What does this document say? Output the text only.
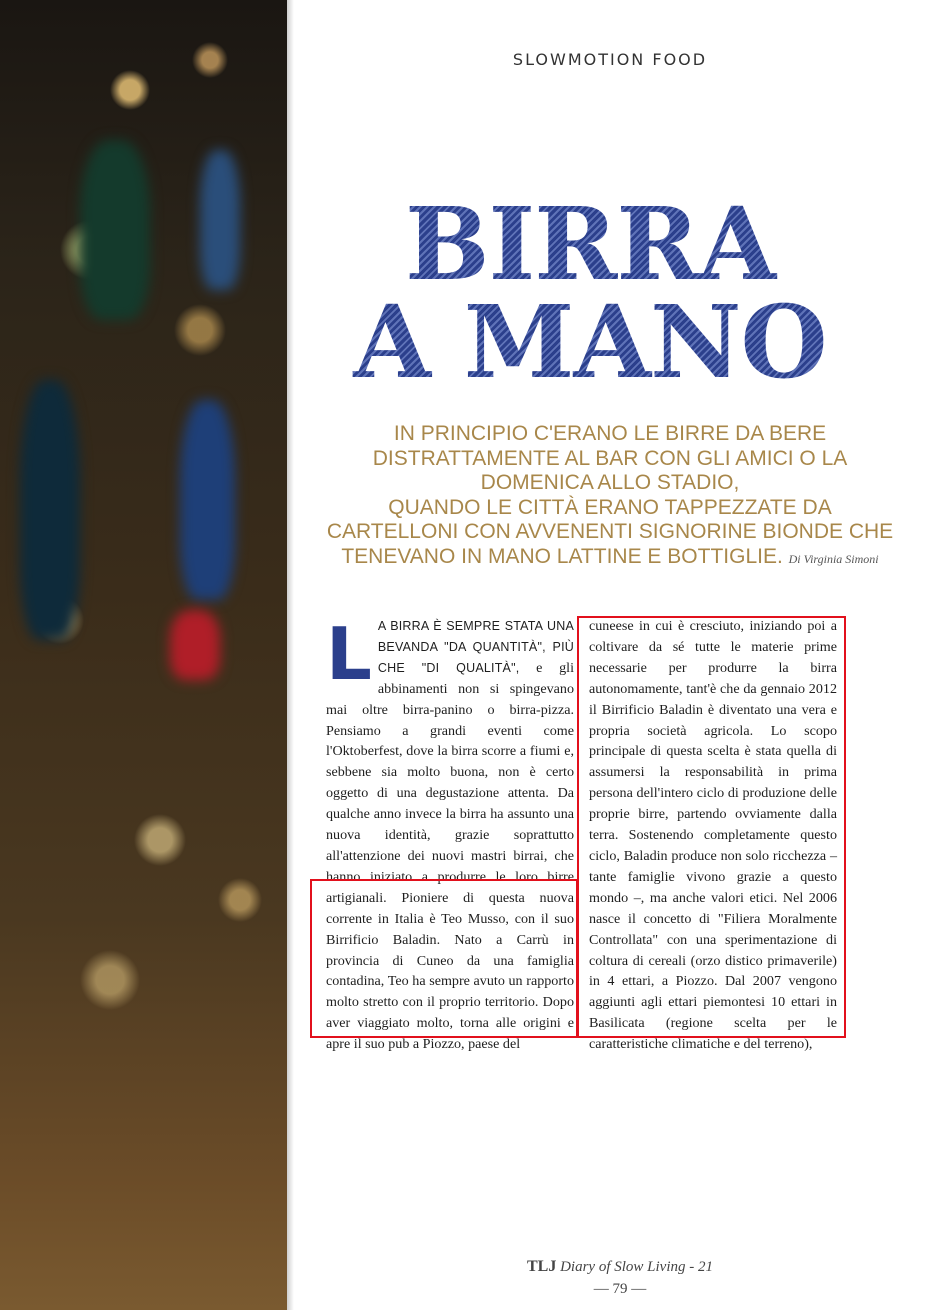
SLOWMOTION FOOD
BIRRA
A MANO

IN PRINCIPIO C'ERANO LE BIRRE DA BERE
DISTRATTAMENTE AL BAR CON GLI AMICI O LA
DOMENICA ALLO STADIO,
QUANDO LE CITTÀ ERANO TAPPEZZATE DA
CARTELLONI CON AVVENENTI SIGNORINE BIONDE CHE
TENEVANO IN MANO LATTINE E BOTTIGLIE. Di Virginia Simoni

L A BIRRA È SEMPRE STATA UNA BEVANDA "DA QUANTITÀ", PIÙ CHE "DI QUALITÀ", e gli abbinamenti non si spingevano mai oltre birra-panino o birra-pizza. Pensiamo a grandi eventi come l'Oktoberfest, dove la birra scorre a fiumi e, sebbene sia molto buona, non è certo oggetto di una degustazione attenta. Da qualche anno invece la birra ha assunto una nuova identità, grazie soprattutto all'attenzione dei nuovi mastri birrai, che hanno iniziato a produrre le loro birre artigianali. Pioniere di questa nuova corrente in Italia è Teo Musso, con il suo Birrificio Baladin. Nato a Carrù in provincia di Cuneo da una famiglia contadina, Teo ha sempre avuto un rapporto molto stretto con il proprio territorio. Dopo aver viaggiato molto, torna alle origini e apre il suo pub a Piozzo, paese del
cuneese in cui è cresciuto, iniziando poi a coltivare da sé tutte le materie prime necessarie per produrre la birra autonomamente, tant'è che da gennaio 2012 il Birrificio Baladin è diventato una vera e propria società agricola. Lo scopo principale di questa scelta è stata quella di assumersi la responsabilità in prima persona dell'intero ciclo di produzione delle proprie birre, partendo ovviamente dalla terra. Sostenendo completamente questo ciclo, Baladin produce non solo ricchezza – tante famiglie vivono grazie a questo mondo –, ma anche valori etici. Nel 2006 nasce il concetto di "Filiera Moralmente Controllata" con una sperimentazione di coltura di cereali (orzo distico primaverile) in 4 ettari, a Piozzo. Dal 2007 vengono aggiunti agli ettari piemontesi 10 ettari in Basilicata (regione scelta per le caratteristiche climatiche e del terreno),
TLJ Diary of Slow Living - 21
— 79 —
